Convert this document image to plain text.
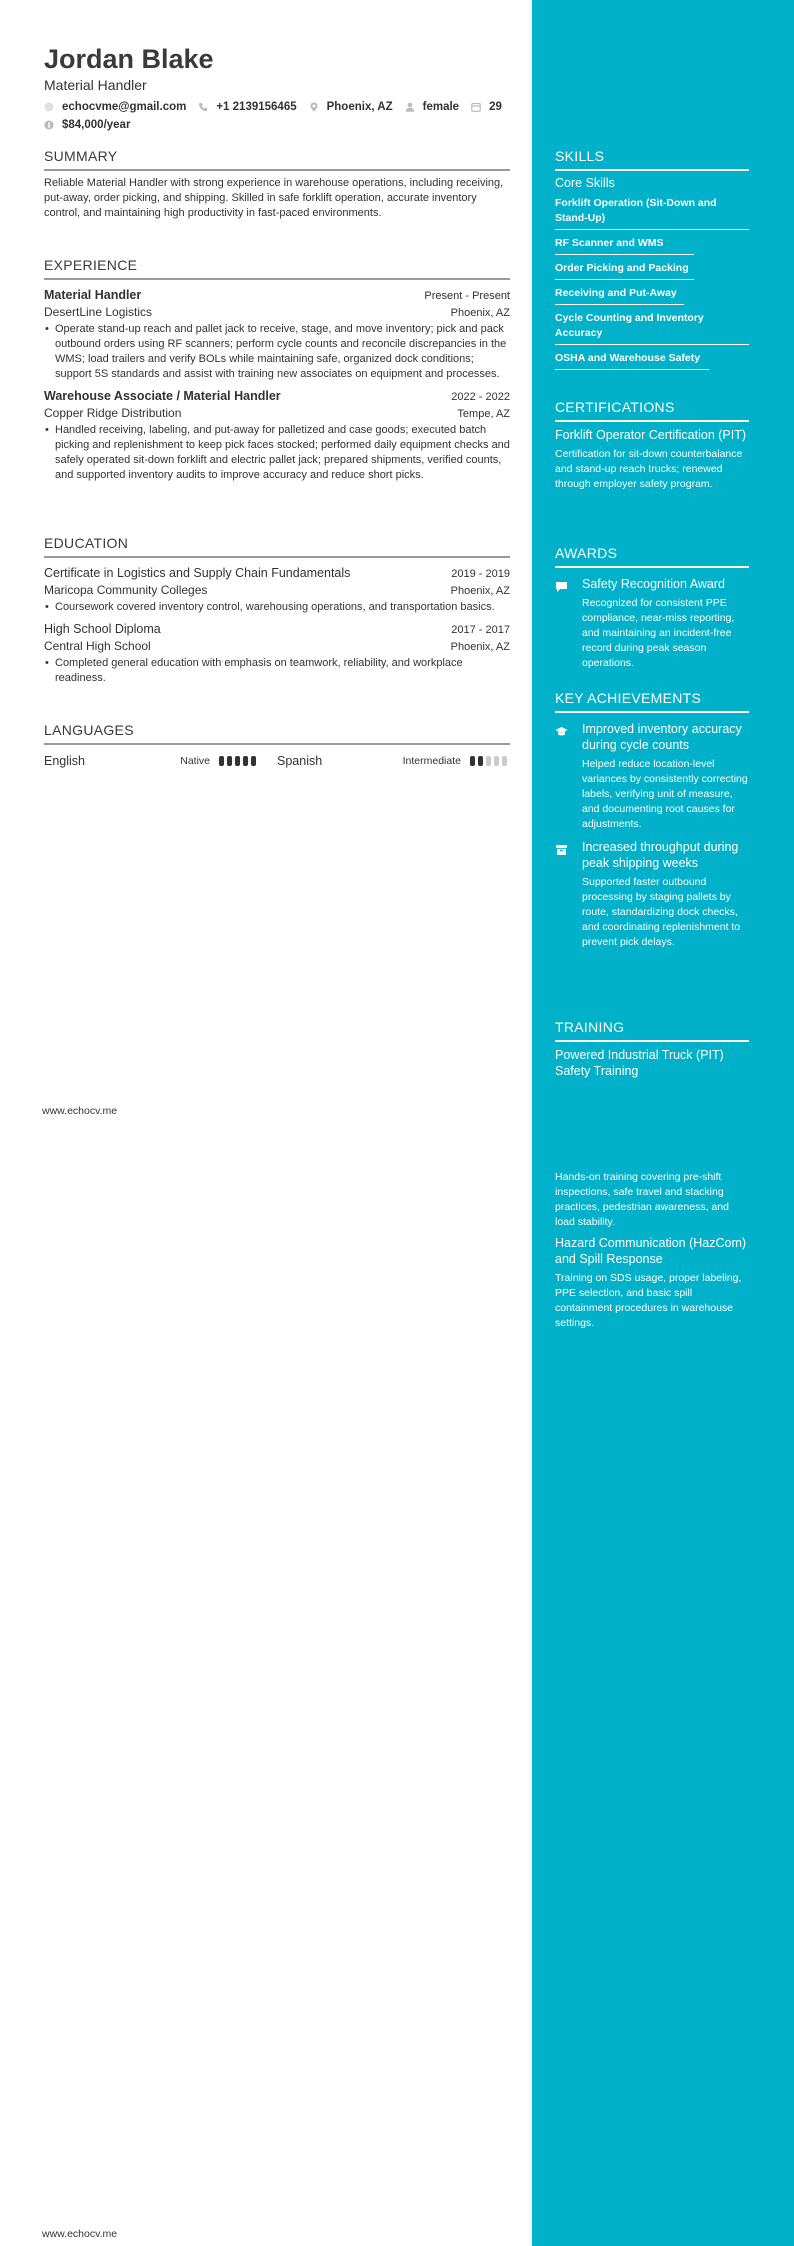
Jordan Blake
Material Handler
echocvme@gmail.com	+1 2139156465	Phoenix, AZ	female	29
$84,000/year
SUMMARY
Reliable Material Handler with strong experience in warehouse operations, including receiving, put-away, order picking, and shipping. Skilled in safe forklift operation, accurate inventory control, and maintaining high productivity in fast-paced environments.
EXPERIENCE
Material Handler	Present - Present
DesertLine Logistics	Phoenix, AZ
• Operate stand-up reach and pallet jack to receive, stage, and move inventory; pick and pack outbound orders using RF scanners; perform cycle counts and reconcile discrepancies in the WMS; load trailers and verify BOLs while maintaining safe, organized dock conditions; support 5S standards and assist with training new associates on equipment and processes.
Warehouse Associate / Material Handler	2022 - 2022
Copper Ridge Distribution	Tempe, AZ
• Handled receiving, labeling, and put-away for palletized and case goods; executed batch picking and replenishment to keep pick faces stocked; performed daily equipment checks and safely operated sit-down forklift and electric pallet jack; prepared shipments, verified counts, and supported inventory audits to improve accuracy and reduce short picks.
EDUCATION
Certificate in Logistics and Supply Chain Fundamentals	2019 - 2019
Maricopa Community Colleges	Phoenix, AZ
• Coursework covered inventory control, warehousing operations, and transportation basics.
High School Diploma	2017 - 2017
Central High School	Phoenix, AZ
• Completed general education with emphasis on teamwork, reliability, and workplace readiness.
LANGUAGES
English	Native	Spanish	Intermediate
www.echocv.me
www.echocv.me
SKILLS
Core Skills
Forklift Operation (Sit-Down and Stand-Up)
RF Scanner and WMS
Order Picking and Packing
Receiving and Put-Away
Cycle Counting and Inventory Accuracy
OSHA and Warehouse Safety
CERTIFICATIONS
Forklift Operator Certification (PIT)
Certification for sit-down counterbalance and stand-up reach trucks; renewed through employer safety program.
AWARDS
Safety Recognition Award
Recognized for consistent PPE compliance, near-miss reporting, and maintaining an incident-free record during peak season operations.
KEY ACHIEVEMENTS
Improved inventory accuracy during cycle counts
Helped reduce location-level variances by consistently correcting labels, verifying unit of measure, and documenting root causes for adjustments.
Increased throughput during peak shipping weeks
Supported faster outbound processing by staging pallets by route, standardizing dock checks, and coordinating replenishment to prevent pick delays.
TRAINING
Powered Industrial Truck (PIT) Safety Training
Hands-on training covering pre-shift inspections, safe travel and stacking practices, pedestrian awareness, and load stability.
Hazard Communication (HazCom) and Spill Response
Training on SDS usage, proper labeling, PPE selection, and basic spill containment procedures in warehouse settings.
